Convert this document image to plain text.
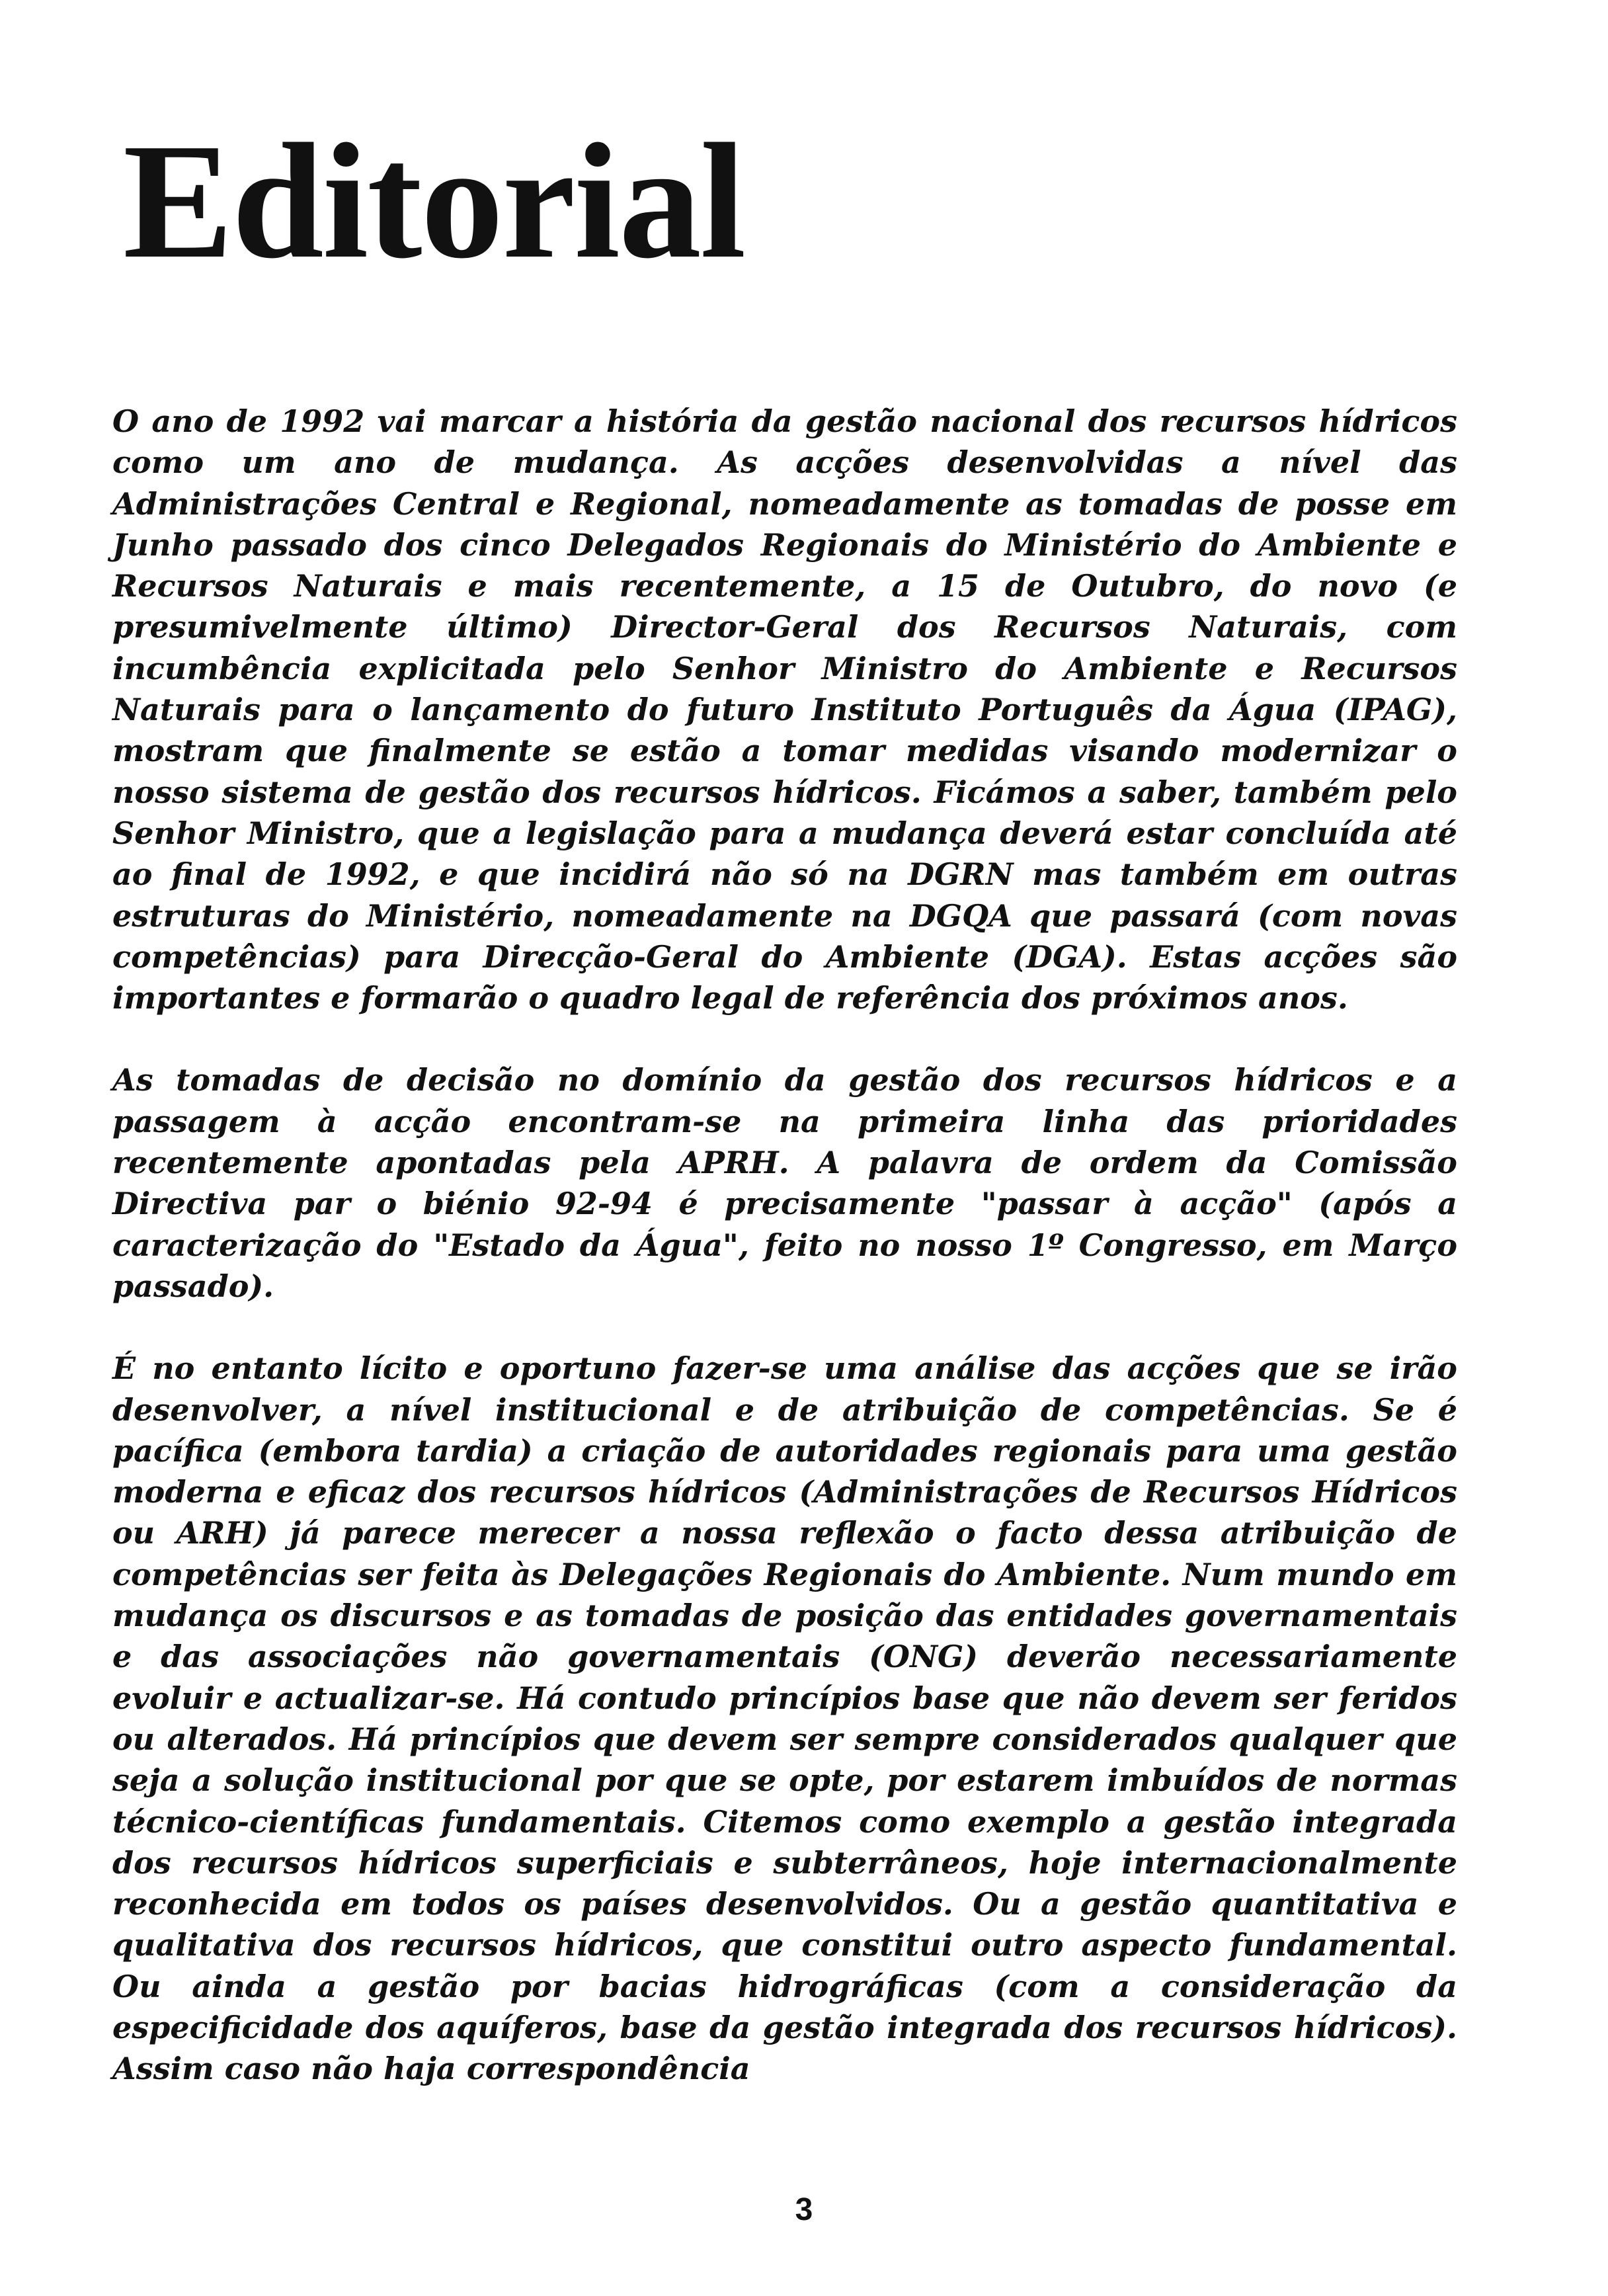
Editorial

O ano de 1992 vai marcar a história da gestão nacional dos recursos hídricos como um ano de mudança. As acções desenvolvidas a nível das Administrações Central e Regional, nomeadamente as tomadas de posse em Junho passado dos cinco Delegados Regionais do Ministério do Ambiente e Recursos Naturais e mais recentemente, a 15 de Outubro, do novo (e presumivelmente último) Director-Geral dos Recursos Naturais, com incumbência explicitada pelo Senhor Ministro do Ambiente e Recursos Naturais para o lançamento do futuro Instituto Português da Água (IPAG), mostram que finalmente se estão a tomar medidas visando modernizar o nosso sistema de gestão dos recursos hídricos. Ficámos a saber, também pelo Senhor Ministro, que a legislação para a mudança deverá estar concluída até ao final de 1992, e que incidirá não só na DGRN mas também em outras estruturas do Ministério, nomeadamente na DGQA que passará (com novas competências) para Direcção-Geral do Ambiente (DGA). Estas acções são importantes e formarão o quadro legal de referência dos próximos anos.

As tomadas de decisão no domínio da gestão dos recursos hídricos e a passagem à acção encontram-se na primeira linha das prioridades recentemente apontadas pela APRH. A palavra de ordem da Comissão Directiva par o biénio 92-94 é precisamente "passar à acção" (após a caracterização do "Estado da Água", feito no nosso 1º Congresso, em Março passado).

É no entanto lícito e oportuno fazer-se uma análise das acções que se irão desenvolver, a nível institucional e de atribuição de competências. Se é pacífica (embora tardia) a criação de autoridades regionais para uma gestão moderna e eficaz dos recursos hídricos (Administrações de Recursos Hídricos ou ARH) já parece merecer a nossa reflexão o facto dessa atribuição de competências ser feita às Delegações Regionais do Ambiente. Num mundo em mudança os discursos e as tomadas de posição das entidades governamentais e das associações não governamentais (ONG) deverão necessariamente evoluir e actualizar-se. Há contudo princípios base que não devem ser feridos ou alterados. Há princípios que devem ser sempre considerados qualquer que seja a solução institucional por que se opte, por estarem imbuídos de normas técnico-científicas fundamentais. Citemos como exemplo a gestão integrada dos recursos hídricos superficiais e subterrâneos, hoje internacionalmente reconhecida em todos os países desenvolvidos. Ou a gestão quantitativa e qualitativa dos recursos hídricos, que constitui outro aspecto fundamental. Ou ainda a gestão por bacias hidrográficas (com a consideração da especificidade dos aquíferos, base da gestão integrada dos recursos hídricos). Assim caso não haja correspondência

3
